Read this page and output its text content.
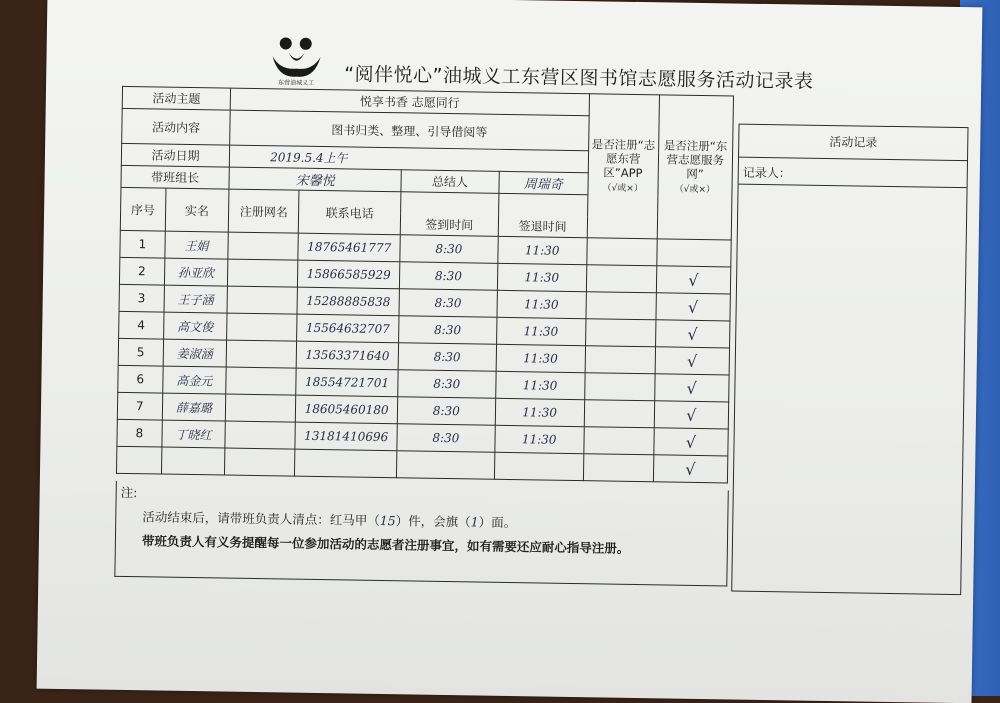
东营油城义工 “阅伴悦心”油城义工东营区图书馆志愿服务活动记录表
活动主题		悦享书香 志愿同行				是否注册“志愿东营区”APP
（√或×）	是否注册“东营志愿服务网”
（√或×）
活动内容		图书归类、整理、引导借阅等					
活动日期		2019.5.4上午					
带班组长		宋馨悦		总结人	周瑞奇		
序号	实名	注册网名	联系电话				
				签到时间	签退时间		
1	王娟		18765461777	8:30	11:30		
2	孙亚欣		15866585929	8:30	11:30		√
3	王子涵		15288885838	8:30	11:30		√
4	高文俊		15564632707	8:30	11:30		√
5	姜淑涵		13563371640	8:30	11:30		√
6	高金元		18554721701	8:30	11:30		√
7	薛嘉璐		18605460180	8:30	11:30		√
8	丁晓红		13181410696	8:30	11:30		√
							√
注:
活动结束后，请带班负责人清点：红马甲（15）件，会旗（1）面。
带班负责人有义务提醒每一位参加活动的志愿者注册事宜，如有需要还应耐心指导注册。
活动记录
记录人：
